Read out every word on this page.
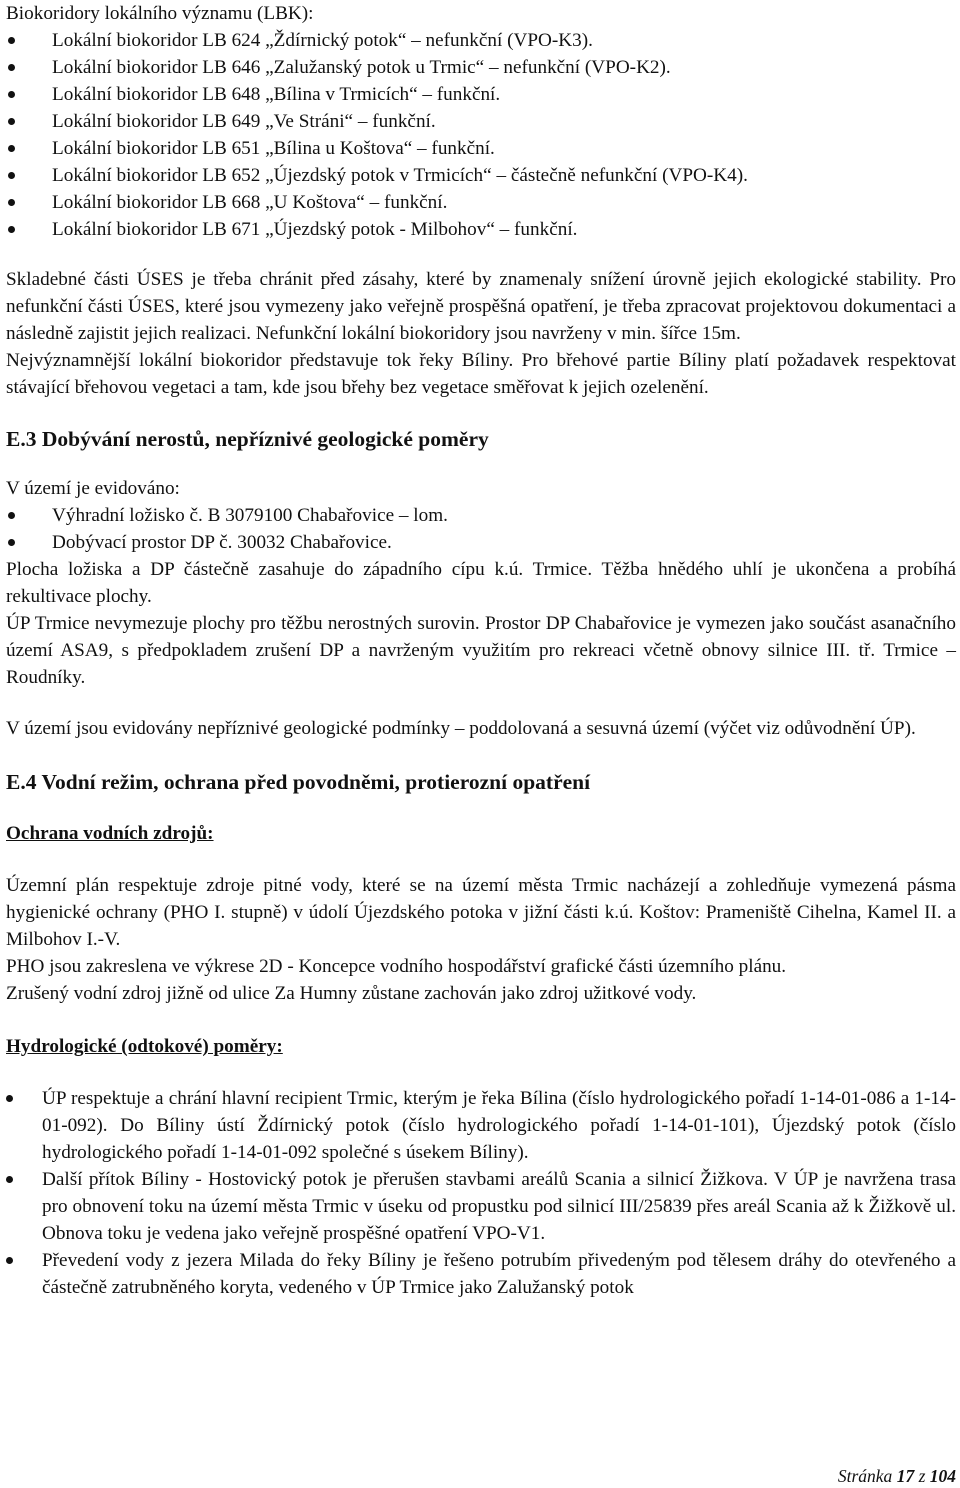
Biokoridory lokálního významu (LBK):

Lokální biokoridor LB 624 „Ždírnický potok“ – nefunkční (VPO-K3).
Lokální biokoridor LB 646 „Zalužanský potok u Trmic“ – nefunkční (VPO-K2).
Lokální biokoridor LB 648 „Bílina v Trmicích“ – funkční.
Lokální biokoridor LB 649 „Ve Stráni“ – funkční.
Lokální biokoridor LB 651 „Bílina u Koštova“ – funkční.
Lokální biokoridor LB 652 „Újezdský potok v Trmicích“ – částečně nefunkční (VPO-K4).
Lokální biokoridor LB 668 „U Koštova“ – funkční.
Lokální biokoridor LB 671 „Újezdský potok - Milbohov“ – funkční.

Skladebné části ÚSES je třeba chránit před zásahy, které by znamenaly snížení úrovně jejich ekologické stability. Pro nefunkční části ÚSES, které jsou vymezeny jako veřejně prospěšná opatření, je třeba zpracovat projektovou dokumentaci a následně zajistit jejich realizaci. Nefunkční lokální biokoridory jsou navrženy v min. šířce 15m.

Nejvýznamnější lokální biokoridor představuje tok řeky Bíliny. Pro břehové partie Bíliny platí požadavek respektovat stávající břehovou vegetaci a tam, kde jsou břehy bez vegetace směřovat k jejich ozelenění.

E.3 Dobývání nerostů, nepříznivé geologické poměry

V území je evidováno:

Výhradní ložisko č. B 3079100 Chabařovice – lom.
Dobývací prostor DP č. 30032 Chabařovice.

Plocha ložiska a DP částečně zasahuje do západního cípu k.ú. Trmice. Těžba hnědého uhlí je ukončena a probíhá rekultivace plochy.

ÚP Trmice nevymezuje plochy pro těžbu nerostných surovin. Prostor DP Chabařovice je vymezen jako součást asanačního území ASA9, s předpokladem zrušení DP a navrženým využitím pro rekreaci včetně obnovy silnice III. tř. Trmice – Roudníky.

V území jsou evidovány nepříznivé geologické podmínky – poddolovaná a sesuvná území (výčet viz odůvodnění ÚP).

E.4 Vodní režim, ochrana před povodněmi, protierozní opatření

Ochrana vodních zdrojů:

Územní plán respektuje zdroje pitné vody, které se na území města Trmic nacházejí a zohledňuje vymezená pásma hygienické ochrany (PHO I. stupně) v údolí Újezdského potoka v jižní části k.ú. Koštov: Prameniště Cihelna, Kamel II. a Milbohov I.-V.

PHO jsou zakreslena ve výkrese 2D - Koncepce vodního hospodářství grafické části územního plánu.

Zrušený vodní zdroj jižně od ulice Za Humny zůstane zachován jako zdroj užitkové vody.

Hydrologické (odtokové) poměry:

ÚP respektuje a chrání hlavní recipient Trmic, kterým je řeka Bílina (číslo hydrologického pořadí 1-14-01-086 a 1-14-01-092). Do Bíliny ústí Ždírnický potok (číslo hydrologického pořadí 1-14-01-101), Újezdský potok (číslo hydrologického pořadí 1-14-01-092 společné s úsekem Bíliny).
Další přítok Bíliny - Hostovický potok je přerušen stavbami areálů Scania a silnicí Žižkova. V ÚP je navržena trasa pro obnovení toku na území města Trmic v úseku od propustku pod silnicí III/25839 přes areál Scania až k Žižkově ul. Obnova toku je vedena jako veřejně prospěšné opatření VPO-V1.
Převedení vody z jezera Milada do řeky Bíliny je řešeno potrubím přivedeným pod tělesem dráhy do otevřeného a částečně zatrubněného koryta, vedeného v ÚP Trmice jako Zalužanský potok
Stránka 17 z 104
